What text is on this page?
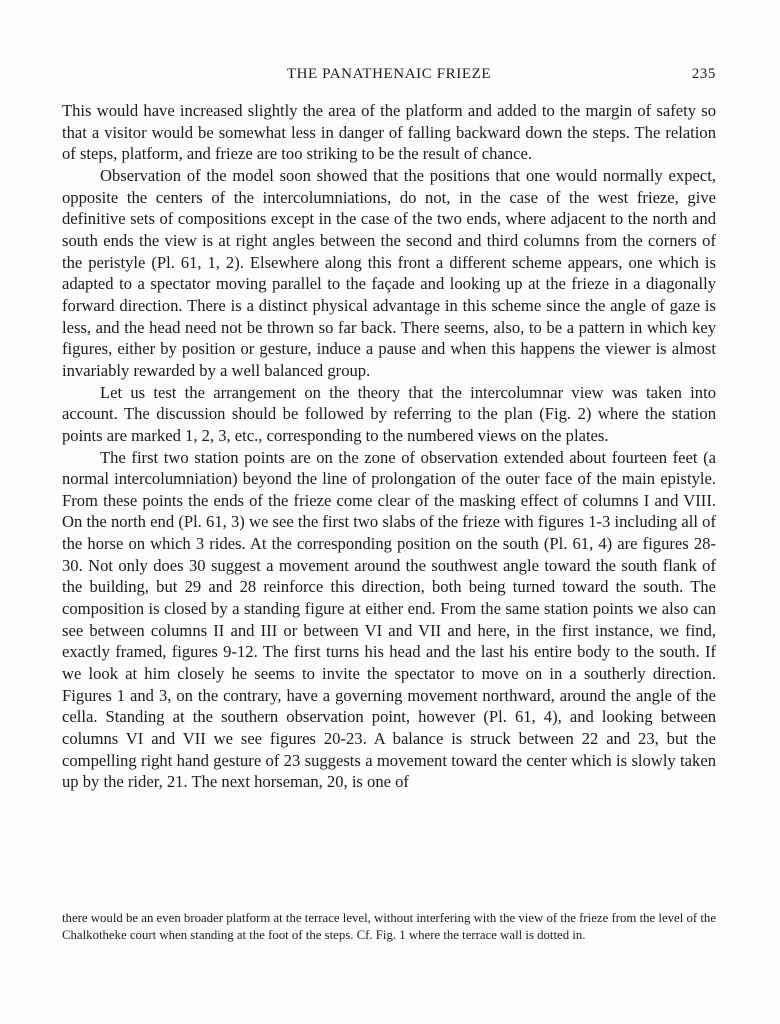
THE PANATHENAIC FRIEZE	235

This would have increased slightly the area of the platform and added to the margin of safety so that a visitor would be somewhat less in danger of falling backward down the steps. The relation of steps, platform, and frieze are too striking to be the result of chance.

Observation of the model soon showed that the positions that one would normally expect, opposite the centers of the intercolumniations, do not, in the case of the west frieze, give definitive sets of compositions except in the case of the two ends, where adjacent to the north and south ends the view is at right angles between the second and third columns from the corners of the peristyle (Pl. 61, 1, 2). Elsewhere along this front a different scheme appears, one which is adapted to a spectator moving parallel to the façade and looking up at the frieze in a diagonally forward direction. There is a distinct physical advantage in this scheme since the angle of gaze is less, and the head need not be thrown so far back. There seems, also, to be a pattern in which key figures, either by position or gesture, induce a pause and when this happens the viewer is almost invariably rewarded by a well balanced group.

Let us test the arrangement on the theory that the intercolumnar view was taken into account. The discussion should be followed by referring to the plan (Fig. 2) where the station points are marked 1, 2, 3, etc., corresponding to the numbered views on the plates.

The first two station points are on the zone of observation extended about fourteen feet (a normal intercolumniation) beyond the line of prolongation of the outer face of the main epistyle. From these points the ends of the frieze come clear of the masking effect of columns I and VIII. On the north end (Pl. 61, 3) we see the first two slabs of the frieze with figures 1-3 including all of the horse on which 3 rides. At the corresponding position on the south (Pl. 61, 4) are figures 28-30. Not only does 30 suggest a movement around the southwest angle toward the south flank of the building, but 29 and 28 reinforce this direction, both being turned toward the south. The composition is closed by a standing figure at either end. From the same station points we also can see between columns II and III or between VI and VII and here, in the first instance, we find, exactly framed, figures 9-12. The first turns his head and the last his entire body to the south. If we look at him closely he seems to invite the spectator to move on in a southerly direction. Figures 1 and 3, on the contrary, have a governing movement northward, around the angle of the cella. Standing at the southern observation point, however (Pl. 61, 4), and looking between columns VI and VII we see figures 20-23. A balance is struck between 22 and 23, but the compelling right hand gesture of 23 suggests a movement toward the center which is slowly taken up by the rider, 21. The next horseman, 20, is one of

there would be an even broader platform at the terrace level, without interfering with the view of the frieze from the level of the Chalkotheke court when standing at the foot of the steps. Cf. Fig. 1 where the terrace wall is dotted in.
